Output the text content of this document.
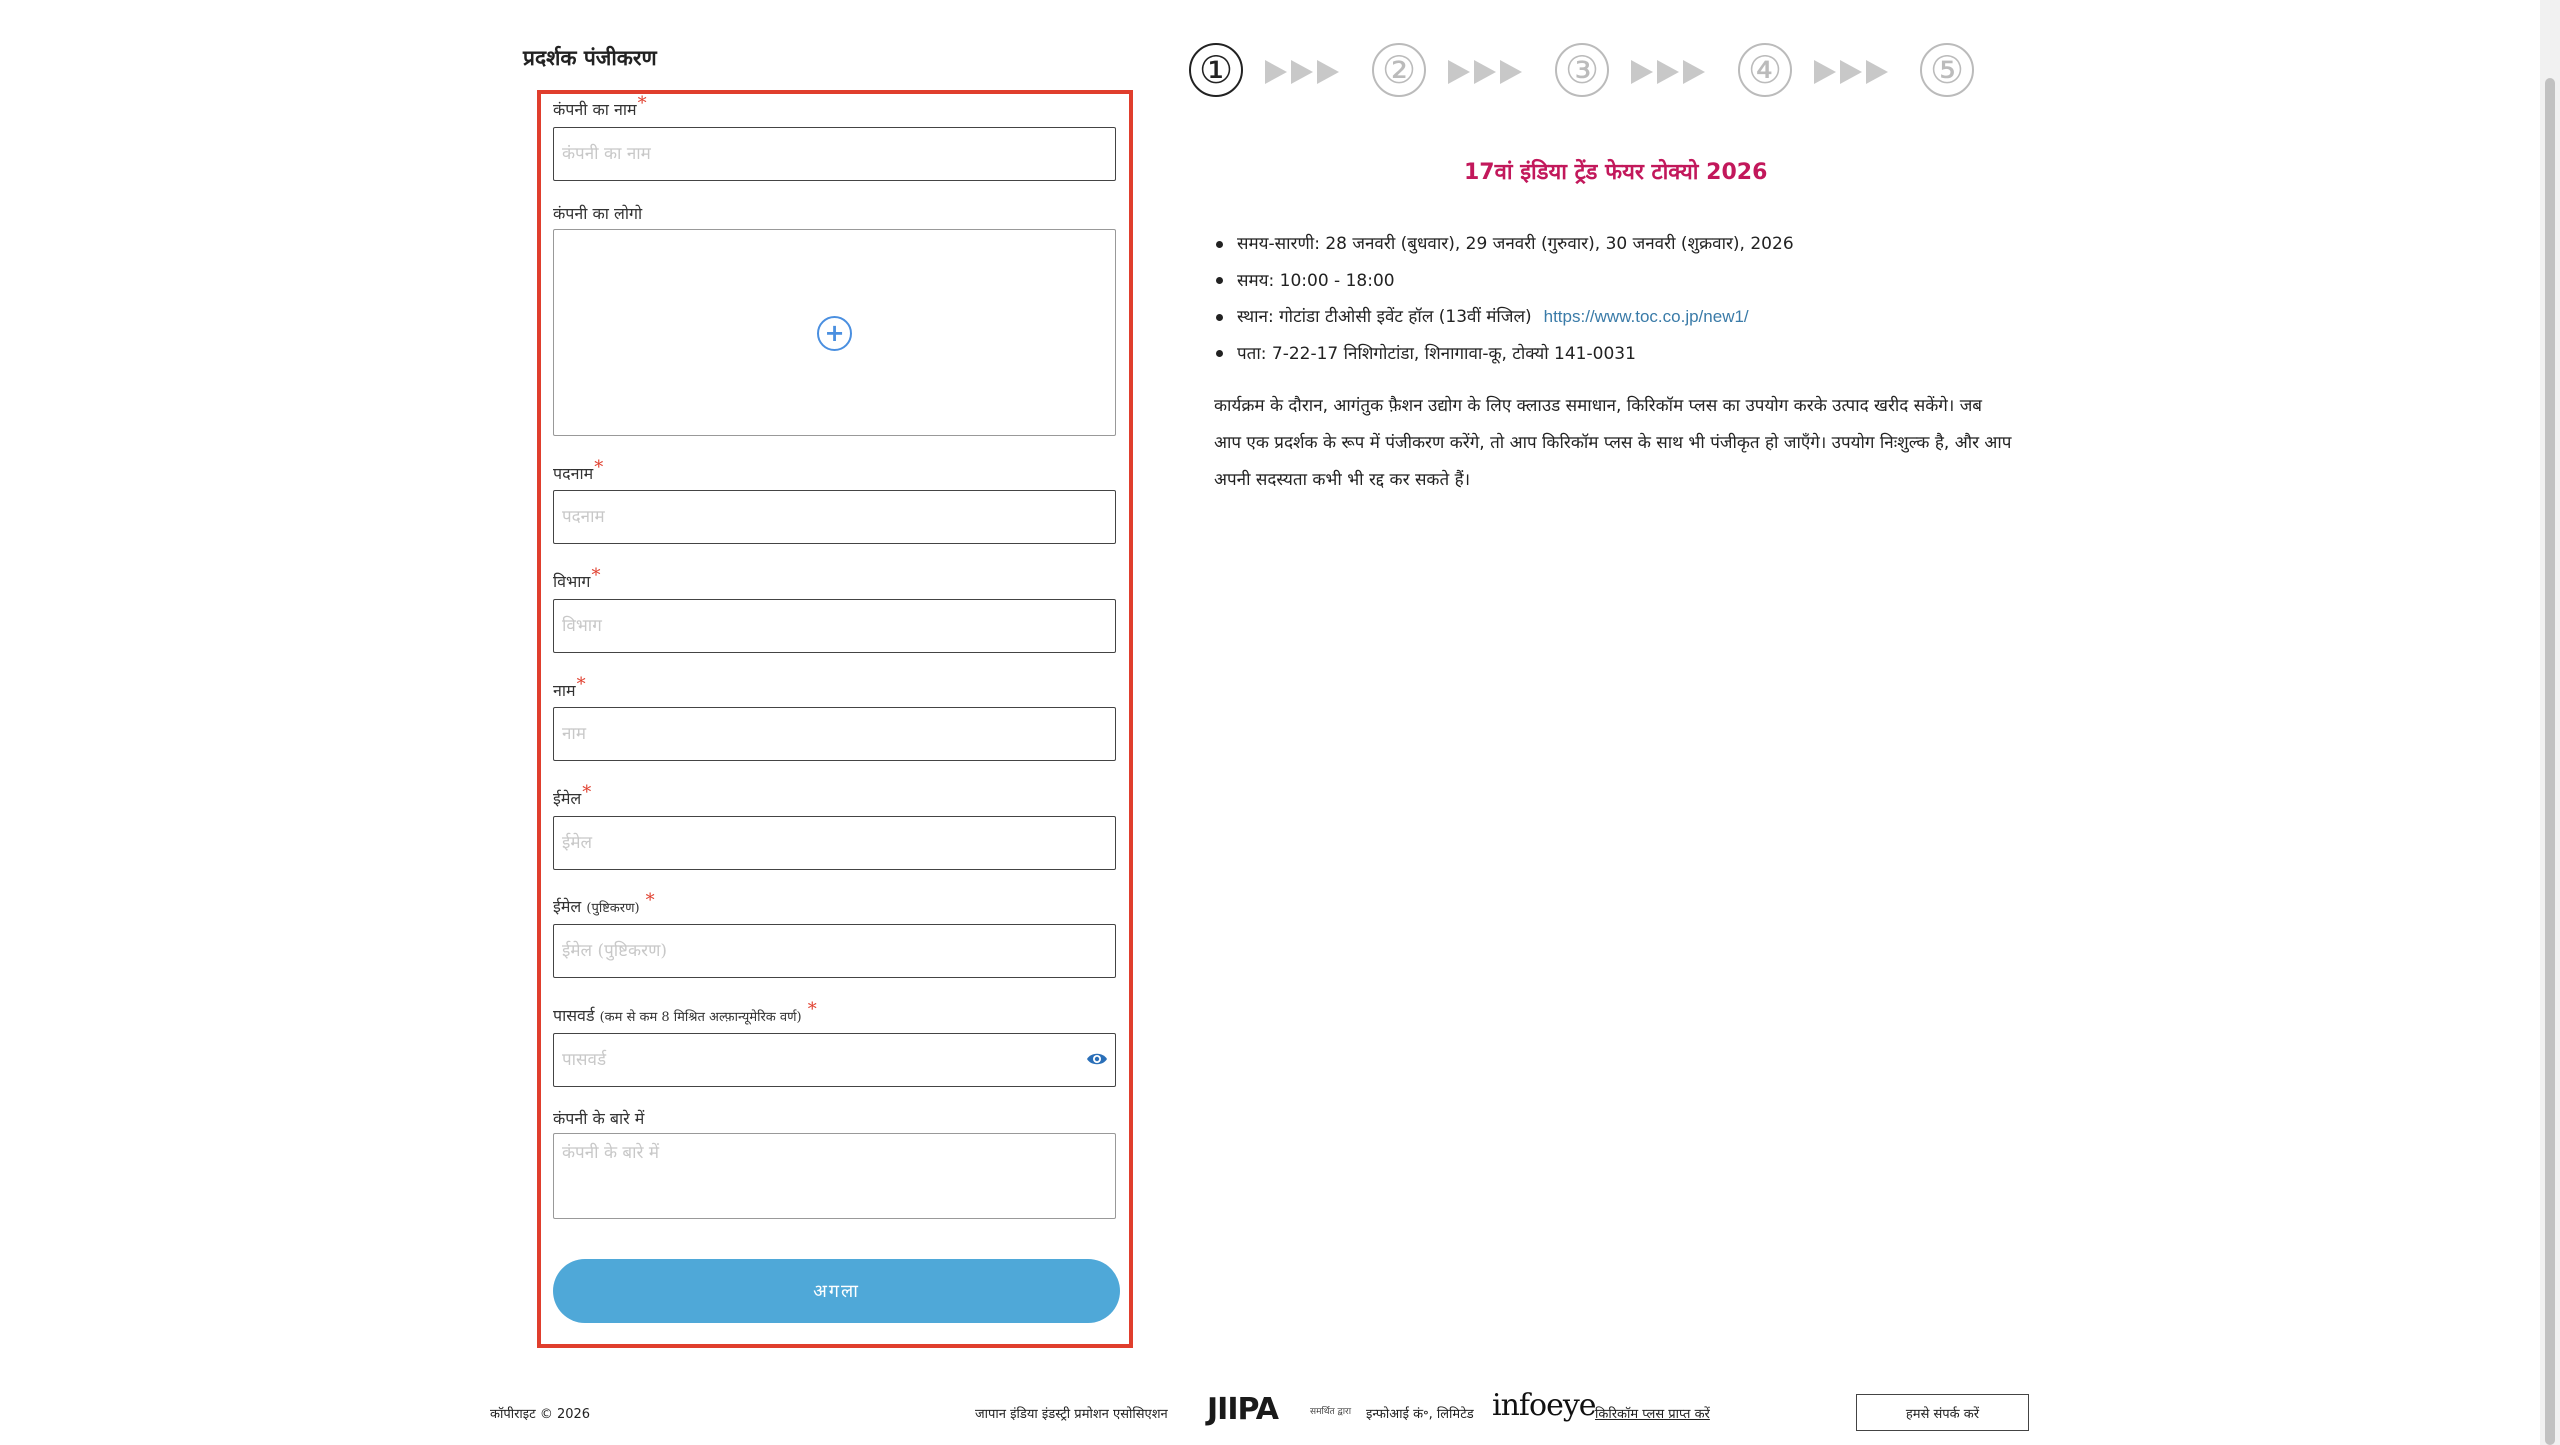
प्रदर्शक पंजीकरण
कंपनी का नाम*
कंपनी का नाम
कंपनी का लोगो
+
पदनाम*
पदनाम
विभाग*
विभाग
नाम*
नाम
ईमेल*
ईमेल
ईमेल (पुष्टिकरण) *
ईमेल (पुष्टिकरण)
पासवर्ड (कम से कम 8 मिश्रित अल्फ़ान्यूमेरिक वर्ण) *
कंपनी के बारे में
कंपनी के बारे में
अगला
①	②	③	④	⑤
17वां इंडिया ट्रेंड फेयर टोक्यो 2026
समय-सारणी: 28 जनवरी (बुधवार), 29 जनवरी (गुरुवार), 30 जनवरी (शुक्रवार), 2026
समय: 10:00 - 18:00
स्थान: गोटांडा टीओसी इवेंट हॉल (13वीं मंजिल) https://www.toc.co.jp/new1/
पता: 7-22-17 निशिगोटांडा, शिनागावा-कू, टोक्यो 141-0031
कार्यक्रम के दौरान, आगंतुक फ़ैशन उद्योग के लिए क्लाउड समाधान, किरिकॉम प्लस का उपयोग करके उत्पाद खरीद सकेंगे। जब आप एक प्रदर्शक के रूप में पंजीकरण करेंगे, तो आप किरिकॉम प्लस के साथ भी पंजीकृत हो जाएँगे। उपयोग निःशुल्क है, और आप अपनी सदस्यता कभी भी रद्द कर सकते हैं।
कॉपीराइट © 2026	जापान इंडिया इंडस्ट्री प्रमोशन एसोसिएशन JIIPA	समर्थित द्वारा इन्फोआई कं॰, लिमिटेड infoeye किरिकॉम प्लस प्राप्त करें	हमसे संपर्क करें
